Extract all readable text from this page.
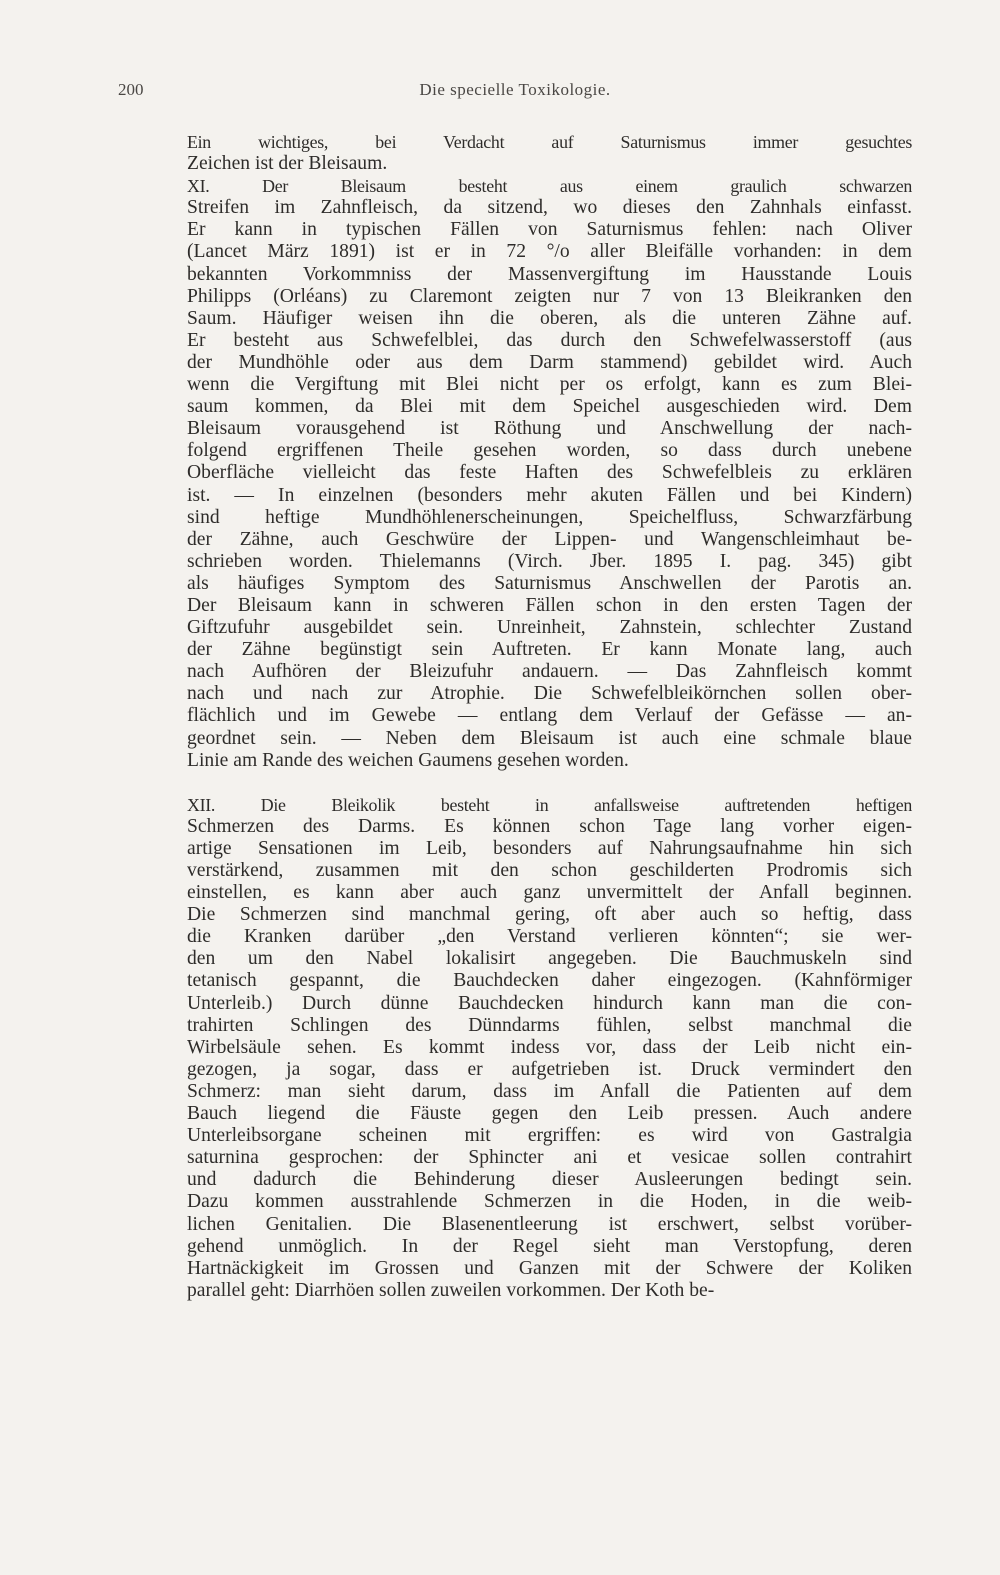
200	Die specielle Toxikologie.

Ein wichtiges, bei Verdacht auf Saturnismus immer gesuchtes
Zeichen ist der Bleisaum.

XI. Der Bleisaum besteht aus einem graulich schwarzen
Streifen im Zahnfleisch, da sitzend, wo dieses den Zahnhals einfasst.
Er kann in typischen Fällen von Saturnismus fehlen: nach Oliver
(Lancet März 1891) ist er in 72 °/o aller Bleifälle vorhanden: in dem
bekannten Vorkommniss der Massenvergiftung im Hausstande Louis
Philipps (Orléans) zu Claremont zeigten nur 7 von 13 Bleikranken den
Saum. Häufiger weisen ihn die oberen, als die unteren Zähne auf.
Er besteht aus Schwefelblei, das durch den Schwefelwasserstoff (aus
der Mundhöhle oder aus dem Darm stammend) gebildet wird. Auch
wenn die Vergiftung mit Blei nicht per os erfolgt, kann es zum Blei-
saum kommen, da Blei mit dem Speichel ausgeschieden wird. Dem
Bleisaum vorausgehend ist Röthung und Anschwellung der nach-
folgend ergriffenen Theile gesehen worden, so dass durch unebene
Oberfläche vielleicht das feste Haften des Schwefelbleis zu erklären
ist. — In einzelnen (besonders mehr akuten Fällen und bei Kindern)
sind heftige Mundhöhlenerscheinungen, Speichelfluss, Schwarzfärbung
der Zähne, auch Geschwüre der Lippen- und Wangenschleimhaut be-
schrieben worden. Thielemanns (Virch. Jber. 1895 I. pag. 345) gibt
als häufiges Symptom des Saturnismus Anschwellen der Parotis an.
Der Bleisaum kann in schweren Fällen schon in den ersten Tagen der
Giftzufuhr ausgebildet sein. Unreinheit, Zahnstein, schlechter Zustand
der Zähne begünstigt sein Auftreten. Er kann Monate lang, auch
nach Aufhören der Bleizufuhr andauern. — Das Zahnfleisch kommt
nach und nach zur Atrophie. Die Schwefelbleikörnchen sollen ober-
flächlich und im Gewebe — entlang dem Verlauf der Gefässe — an-
geordnet sein. — Neben dem Bleisaum ist auch eine schmale blaue
Linie am Rande des weichen Gaumens gesehen worden.

XII. Die Bleikolik besteht in anfallsweise auftretenden heftigen
Schmerzen des Darms. Es können schon Tage lang vorher eigen-
artige Sensationen im Leib, besonders auf Nahrungsaufnahme hin sich
verstärkend, zusammen mit den schon geschilderten Prodromis sich
einstellen, es kann aber auch ganz unvermittelt der Anfall beginnen.
Die Schmerzen sind manchmal gering, oft aber auch so heftig, dass
die Kranken darüber „den Verstand verlieren könnten“; sie wer-
den um den Nabel lokalisirt angegeben. Die Bauchmuskeln sind
tetanisch gespannt, die Bauchdecken daher eingezogen. (Kahnförmiger
Unterleib.) Durch dünne Bauchdecken hindurch kann man die con-
trahirten Schlingen des Dünndarms fühlen, selbst manchmal die
Wirbelsäule sehen. Es kommt indess vor, dass der Leib nicht ein-
gezogen, ja sogar, dass er aufgetrieben ist. Druck vermindert den
Schmerz: man sieht darum, dass im Anfall die Patienten auf dem
Bauch liegend die Fäuste gegen den Leib pressen. Auch andere
Unterleibsorgane scheinen mit ergriffen: es wird von Gastralgia
saturnina gesprochen: der Sphincter ani et vesicae sollen contrahirt
und dadurch die Behinderung dieser Ausleerungen bedingt sein.
Dazu kommen ausstrahlende Schmerzen in die Hoden, in die weib-
lichen Genitalien. Die Blasenentleerung ist erschwert, selbst vorüber-
gehend unmöglich. In der Regel sieht man Verstopfung, deren
Hartnäckigkeit im Grossen und Ganzen mit der Schwere der Koliken
parallel geht: Diarrhöen sollen zuweilen vorkommen. Der Koth be-
